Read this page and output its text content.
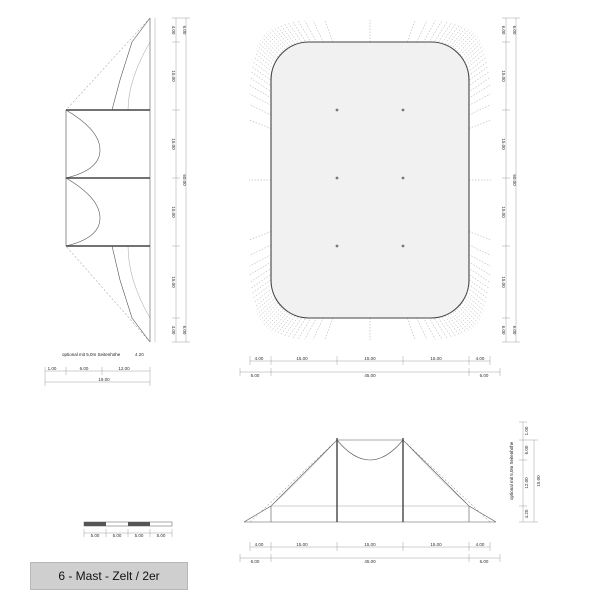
4.00
15.00
15.00
15.00
15.00
4.00
6.00
60.00
6.00
optional mit 5,0m Seitenhöhe	4.20
1.00	6.00	12.00
19.00
6.00
15.00
15.00
15.00
15.00
6.00
6.00
60.00
6.00
4.00	15.00	15.00	15.00	4.00
6.00	45.00	6.00
optional mit 5,0m Seitenhöhe
1.00
6.00
12.00
4.20
15.00
4.00	15.00	15.00	15.00	4.00
6.00	45.00	6.00
5.00	5.00	5.00	5.00
6 - Mast - Zelt / 2er
